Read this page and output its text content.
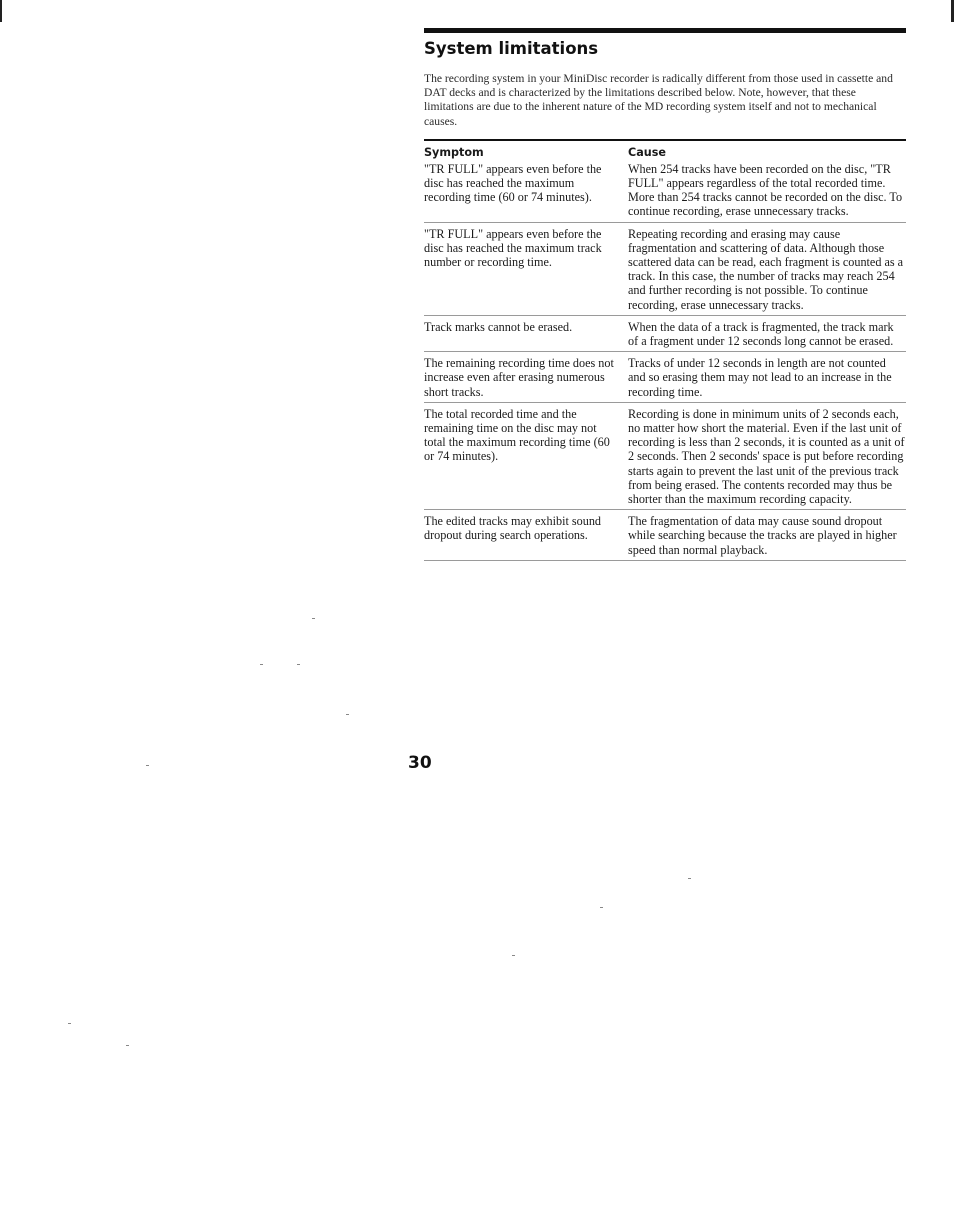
System limitations

The recording system in your MiniDisc recorder is radically different from those used in cassette and DAT decks and is characterized by the limitations described below. Note, however, that these limitations are due to the inherent nature of the MD recording system itself and not to mechanical causes.

Symptom	Cause
"TR FULL" appears even before the disc has reached the maximum recording time (60 or 74 minutes).
When 254 tracks have been recorded on the disc, "TR FULL" appears regardless of the total recorded time. More than 254 tracks cannot be recorded on the disc. To continue recording, erase unnecessary tracks.
"TR FULL" appears even before the disc has reached the maximum track number or recording time.
Repeating recording and erasing may cause fragmentation and scattering of data. Although those scattered data can be read, each fragment is counted as a track. In this case, the number of tracks may reach 254 and further recording is not possible. To continue recording, erase unnecessary tracks.
Track marks cannot be erased.	When the data of a track is fragmented, the track mark of a fragment under 12 seconds long cannot be erased.
The remaining recording time does not increase even after erasing numerous short tracks.
Tracks of under 12 seconds in length are not counted and so erasing them may not lead to an increase in the recording time.
The total recorded time and the remaining time on the disc may not total the maximum recording time (60 or 74 minutes).
Recording is done in minimum units of 2 seconds each, no matter how short the material. Even if the last unit of recording is less than 2 seconds, it is counted as a unit of 2 seconds. Then 2 seconds' space is put before recording starts again to prevent the last unit of the previous track from being erased. The contents recorded may thus be shorter than the maximum recording capacity.
The edited tracks may exhibit sound dropout during search operations.
The fragmentation of data may cause sound dropout while searching because the tracks are played in higher speed than normal playback.
30
